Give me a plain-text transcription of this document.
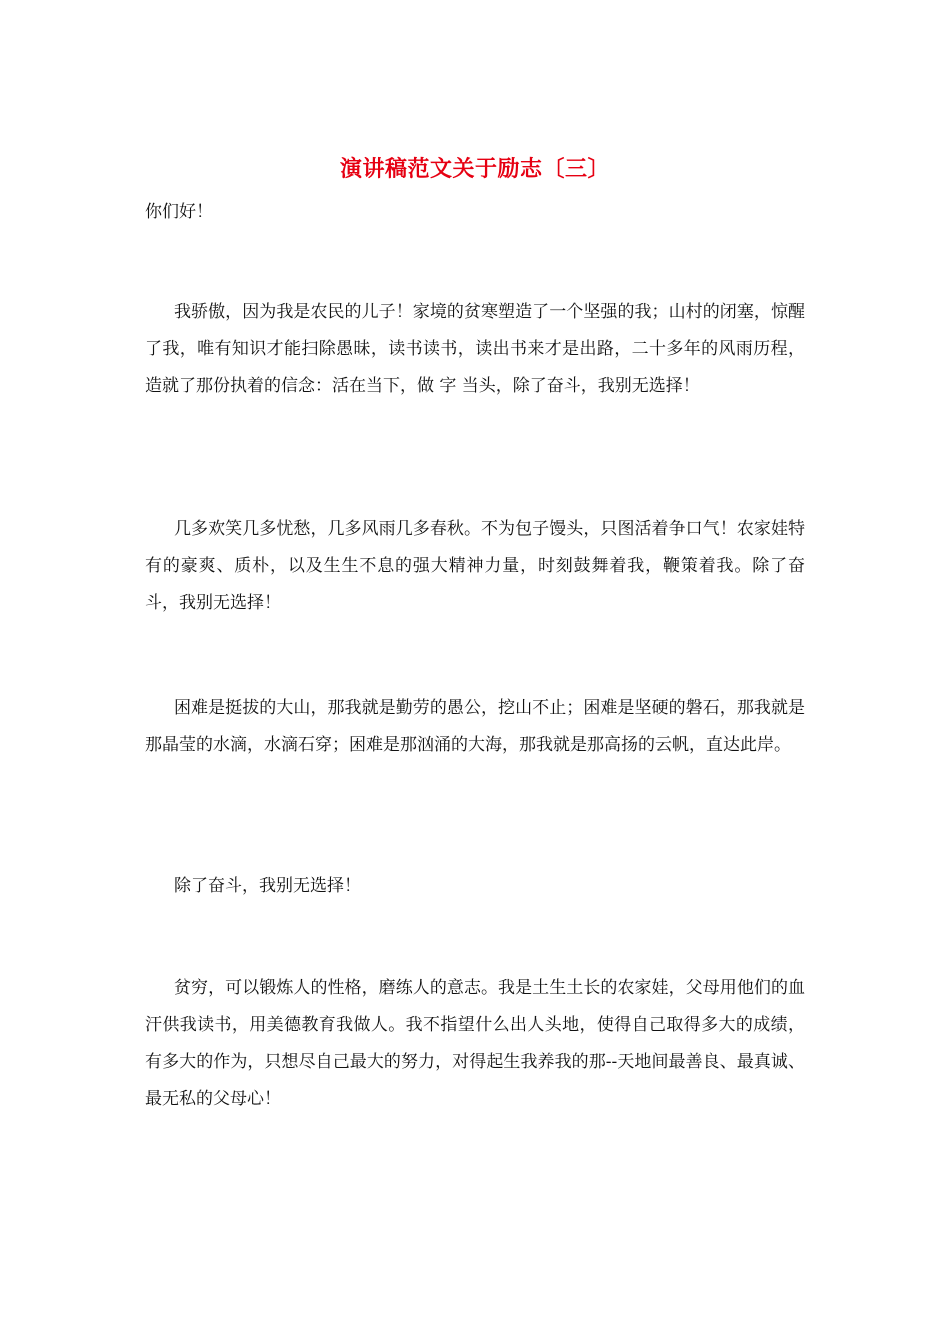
演讲稿范文关于励志〔三〕
你们好！

我骄傲，因为我是农民的儿子！家境的贫寒塑造了一个坚强的我；山村的闭塞，惊醒了我，唯有知识才能扫除愚昧，读书读书，读出书来才是出路，二十多年的风雨历程，造就了那份执着的信念：活在当下，做 字 当头，除了奋斗，我别无选择！

几多欢笑几多忧愁，几多风雨几多春秋。不为包子馒头，只图活着争口气！农家娃特有的豪爽、质朴，以及生生不息的强大精神力量，时刻鼓舞着我，鞭策着我。除了奋斗，我别无选择！

困难是挺拔的大山，那我就是勤劳的愚公，挖山不止；困难是坚硬的磐石，那我就是那晶莹的水滴，水滴石穿；困难是那汹涌的大海，那我就是那高扬的云帆，直达此岸。

除了奋斗，我别无选择！

贫穷，可以锻炼人的性格，磨练人的意志。我是土生土长的农家娃，父母用他们的血汗供我读书，用美德教育我做人。我不指望什么出人头地，使得自己取得多大的成绩，有多大的作为，只想尽自己最大的努力，对得起生我养我的那--天地间最善良、最真诚、最无私的父母心！
